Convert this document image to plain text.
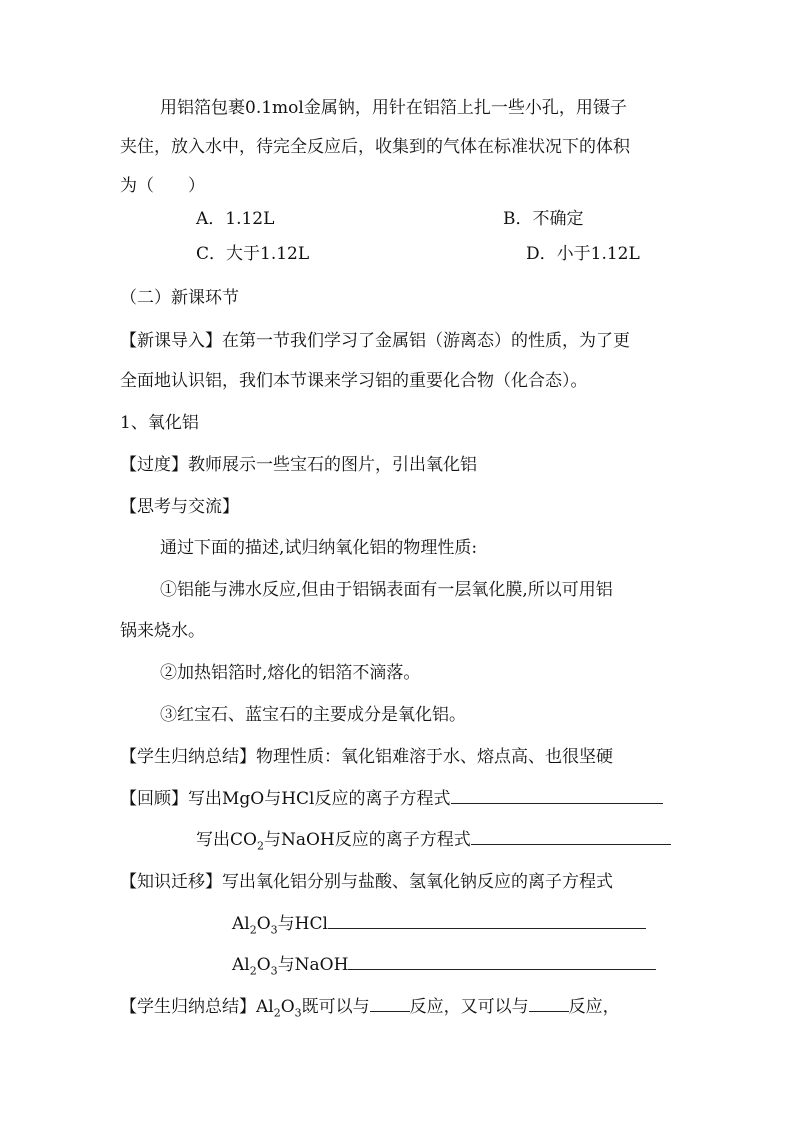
用铝箔包裹0.1mol金属钠，用针在铝箔上扎一些小孔，用镊子
夹住，放入水中，待完全反应后，收集到的气体在标准状况下的体积
为（　　）
A．1.12L	B．不确定
C．大于1.12L	D．小于1.12L
（二）新课环节
【新课导入】在第一节我们学习了金属铝（游离态）的性质，为了更
全面地认识铝，我们本节课来学习铝的重要化合物（化合态）。
1、氧化铝
【过度】教师展示一些宝石的图片，引出氧化铝
【思考与交流】
通过下面的描述,试归纳氧化铝的物理性质:
①铝能与沸水反应,但由于铝锅表面有一层氧化膜,所以可用铝
锅来烧水。
②加热铝箔时,熔化的铝箔不滴落。
③红宝石、蓝宝石的主要成分是氧化铝。
【学生归纳总结】物理性质：氧化铝难溶于水、熔点高、也很坚硬
【回顾】写出MgO与HCl反应的离子方程式
写出$CO_2$与NaOH反应的离子方程式
【知识迁移】写出氧化铝分别与盐酸、氢氧化钠反应的离子方程式
$Al_2O_3$与HCl
$Al_2O_3$与NaOH
【学生归纳总结】$Al_2O_3$既可以与 反应，又可以与 反应，
